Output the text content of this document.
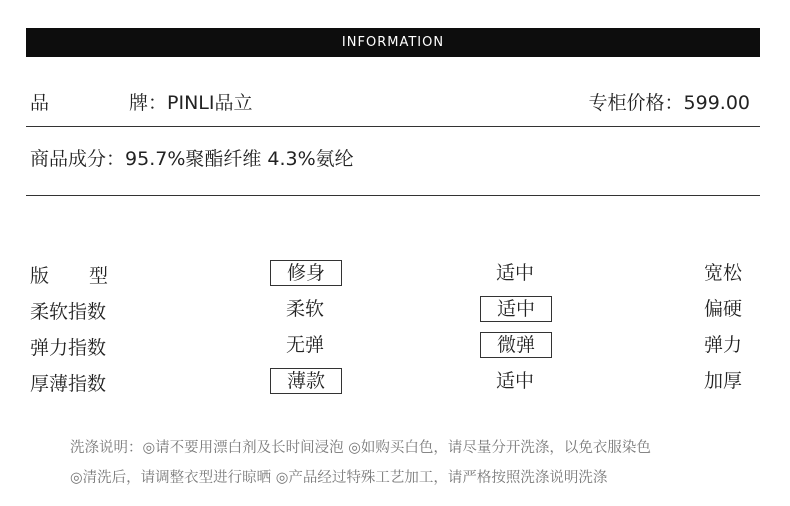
INFORMATION
品	牌：PINLI品立	专柜价格：599.00
商品成分：95.7%聚酯纤维 4.3%氨纶
版 型	修身	适中	宽松
柔软指数	柔软	适中	偏硬
弹力指数	无弹	微弹	弹力
厚薄指数	薄款	适中	加厚
洗涤说明：◎请不要用漂白剂及长时间浸泡 ◎如购买白色，请尽量分开洗涤，以免衣服染色
◎清洗后，请调整衣型进行晾晒 ◎产品经过特殊工艺加工，请严格按照洗涤说明洗涤
